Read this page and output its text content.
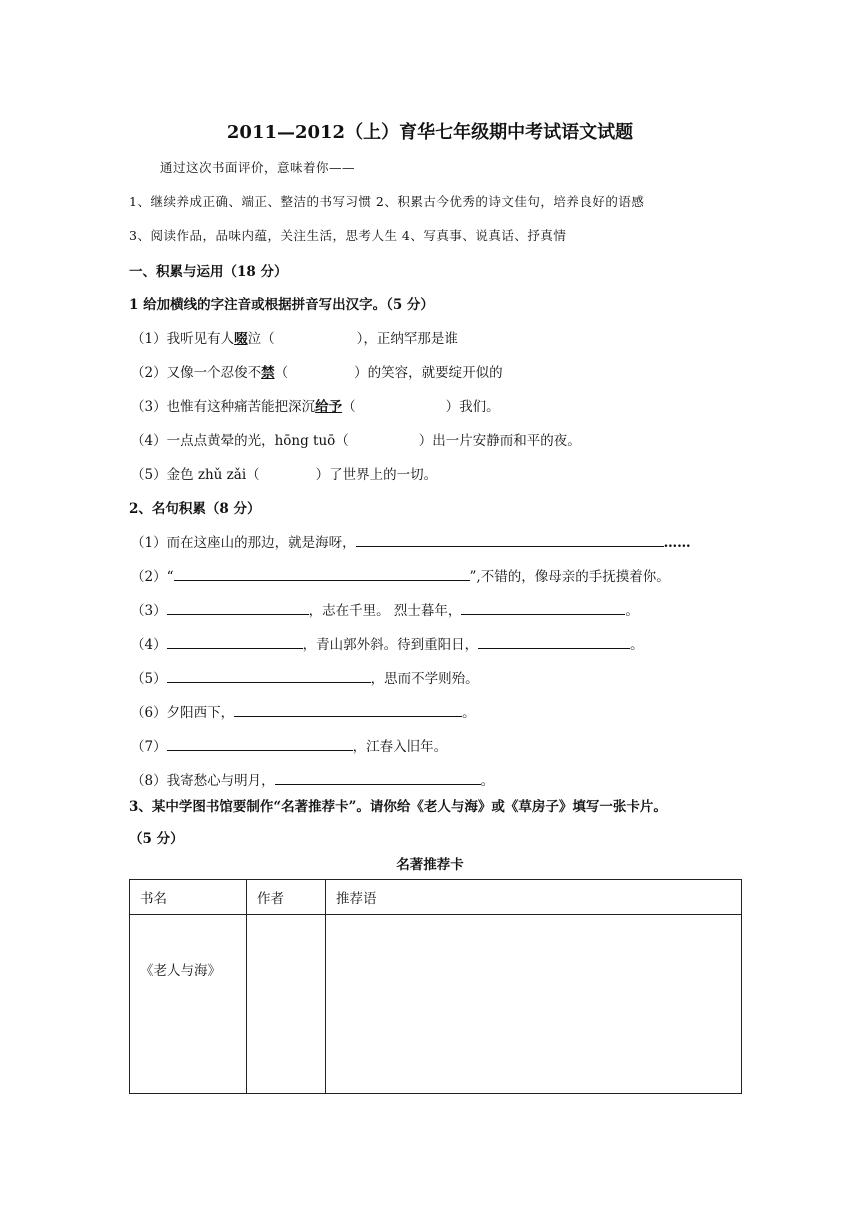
2011—2012（上）育华七年级期中考试语文试题
通过这次书面评价，意味着你——
1、继续养成正确、端正、整洁的书写习惯 2、积累古今优秀的诗文佳句，培养良好的语感
3、阅读作品，品味内蕴，关注生活，思考人生 4、写真事、说真话、抒真情
一、积累与运用（18 分）
1 给加横线的字注音或根据拼音写出汉字。（5 分）
（1）我听见有人啜泣（	），正纳罕那是谁
（2）又像一个忍俊不禁（	）的笑容，就要绽开似的
（3）也惟有这种痛苦能把深沉给予（	）我们。
（4）一点点黄晕的光，hōng tuō（	）出一片安静而和平的夜。
（5）金色 zhǔ zǎi（	）了世界上的一切。
2、名句积累（8 分）
（1）而在这座山的那边，就是海呀，	……
（2）“	”,不错的，像母亲的手抚摸着你。
（3）	，志在千里。 烈士暮年，	。
（4）	，青山郭外斜。待到重阳日，	。
（5）	，思而不学则殆。
（6）夕阳西下，	。
（7）	，江春入旧年。
（8）我寄愁心与明月，	。
3、某中学图书馆要制作“名著推荐卡”。请你给《老人与海》或《草房子》填写一张卡片。
（5 分）
名著推荐卡
书名	作者	推荐语
《老人与海》		
